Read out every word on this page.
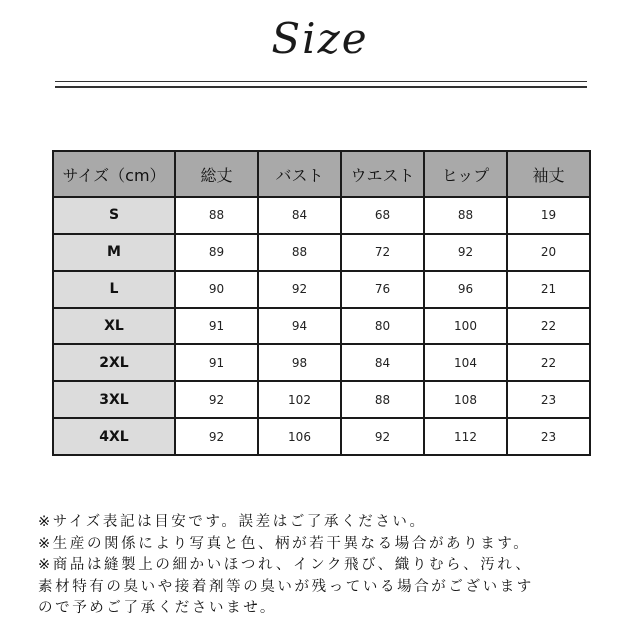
Size
サイズ（cm）	総丈	バスト	ウエスト	ヒップ	袖丈
S	88	84	68	88	19
M	89	88	72	92	20
L	90	92	76	96	21
XL	91	94	80	100	22
2XL	91	98	84	104	22
3XL	92	102	88	108	23
4XL	92	106	92	112	23
※サイズ表記は目安です。誤差はご了承ください。
※生産の関係により写真と色、柄が若干異なる場合があります。
※商品は縫製上の細かいほつれ、インク飛び、織りむら、汚れ、
素材特有の臭いや接着剤等の臭いが残っている場合がございます
ので予めご了承くださいませ。
